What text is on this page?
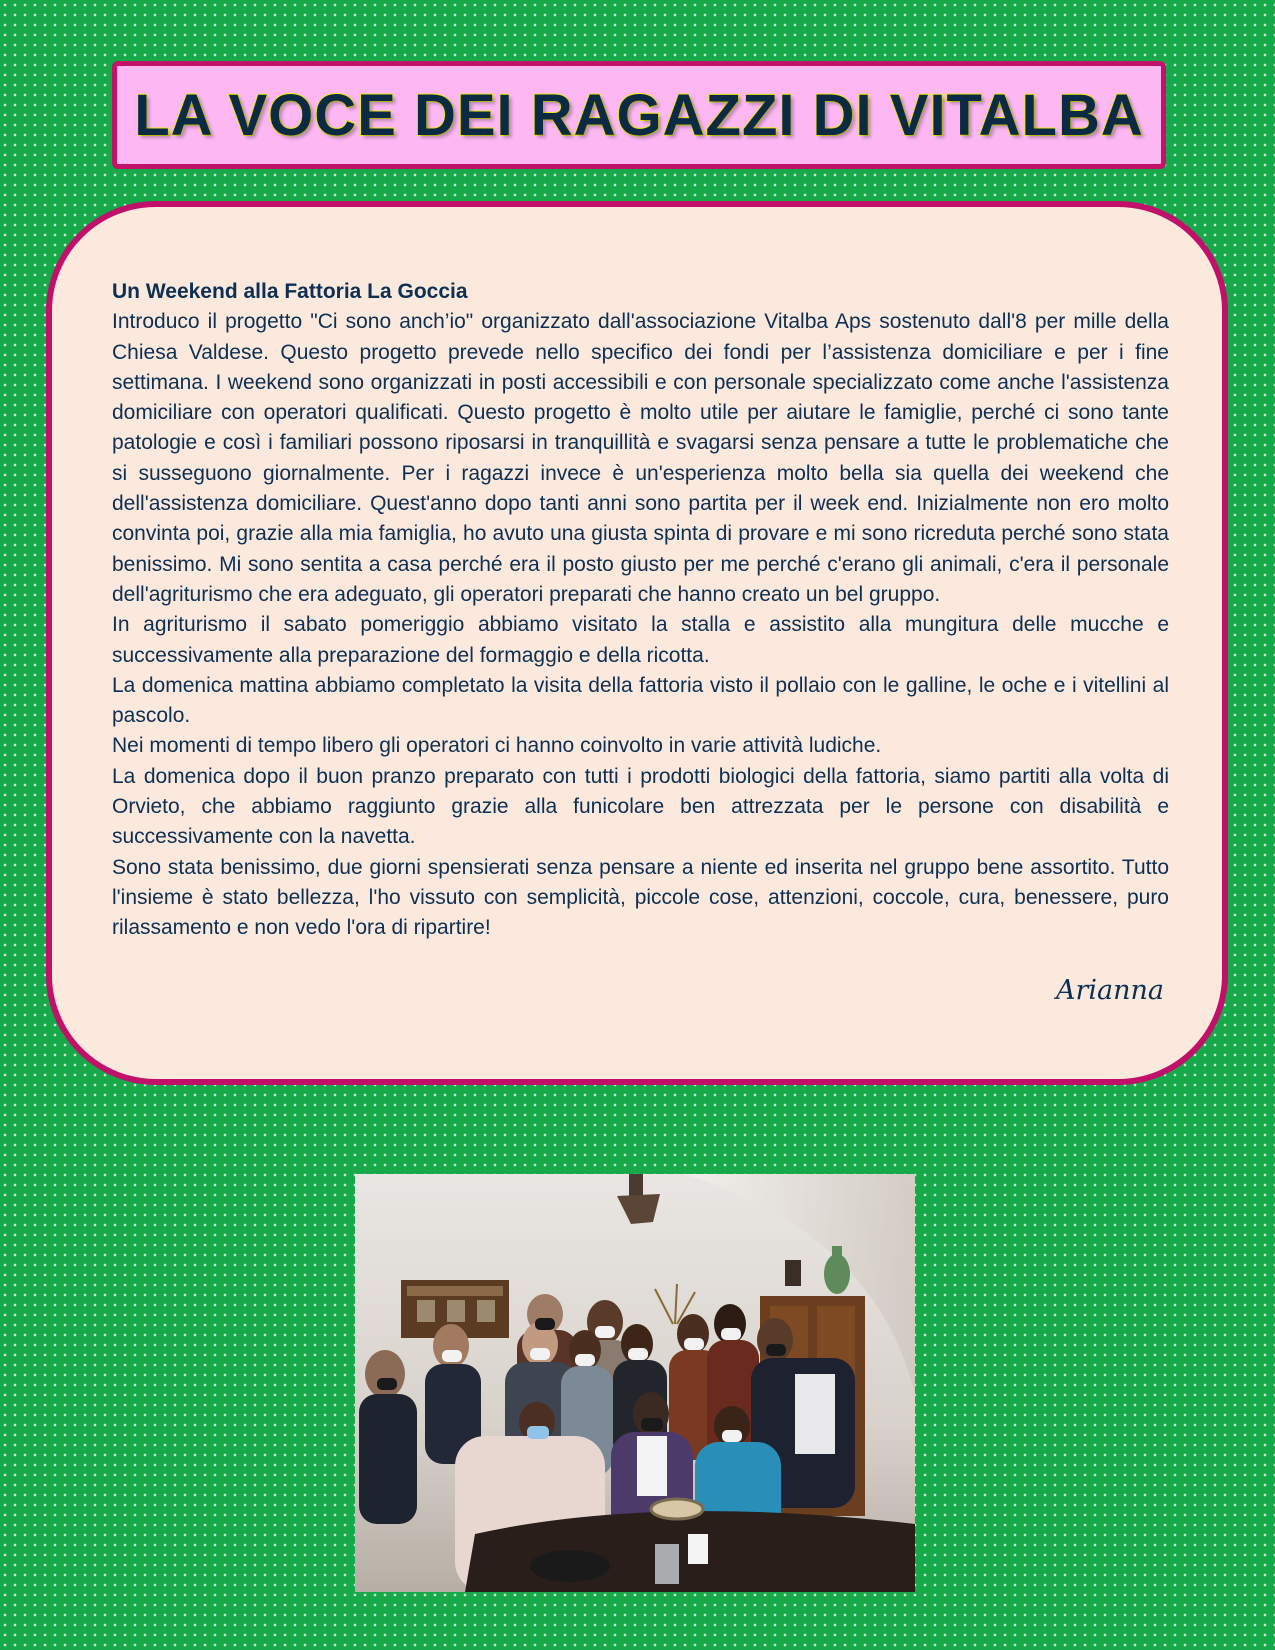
LA VOCE DEI RAGAZZI DI VITALBA
Un Weekend alla Fattoria La Goccia

Introduco il progetto "Ci sono anch’io" organizzato dall'associazione Vitalba Aps sostenuto dall'8 per mille della Chiesa Valdese. Questo progetto prevede nello specifico dei fondi per l’assistenza domiciliare e per i fine settimana. I weekend sono organizzati in posti accessibili e con personale specializzato come anche l'assistenza domiciliare con operatori qualificati. Questo progetto è molto utile per aiutare le famiglie, perché ci sono tante patologie e così i familiari possono riposarsi in tranquillità e svagarsi senza pensare a tutte le problematiche che si susseguono giornalmente. Per i ragazzi invece è un'esperienza molto bella sia quella dei weekend che dell'assistenza domiciliare. Quest'anno dopo tanti anni sono partita per il week end. Inizialmente non ero molto convinta poi, grazie alla mia famiglia, ho avuto una giusta spinta di provare e mi sono ricreduta perché sono stata benissimo. Mi sono sentita a casa perché era il posto giusto per me perché c'erano gli animali, c'era il personale dell'agriturismo che era adeguato, gli operatori preparati che hanno creato un bel gruppo.

In agriturismo il sabato pomeriggio abbiamo visitato la stalla e assistito alla mungitura delle mucche e successivamente alla preparazione del formaggio e della ricotta.

La domenica mattina abbiamo completato la visita della fattoria visto il pollaio con le galline, le oche e i vitellini al pascolo.

Nei momenti di tempo libero gli operatori ci hanno coinvolto in varie attività ludiche.

La domenica dopo il buon pranzo preparato con tutti i prodotti biologici della fattoria, siamo partiti alla volta di Orvieto, che abbiamo raggiunto grazie alla funicolare ben attrezzata per le persone con disabilità e successivamente con la navetta.

Sono stata benissimo, due giorni spensierati senza pensare a niente ed inserita nel gruppo bene assortito. Tutto l'insieme è stato bellezza, l'ho vissuto con semplicità, piccole cose, attenzioni, coccole, cura, benessere, puro rilassamento e non vedo l'ora di ripartire!

Arianna
